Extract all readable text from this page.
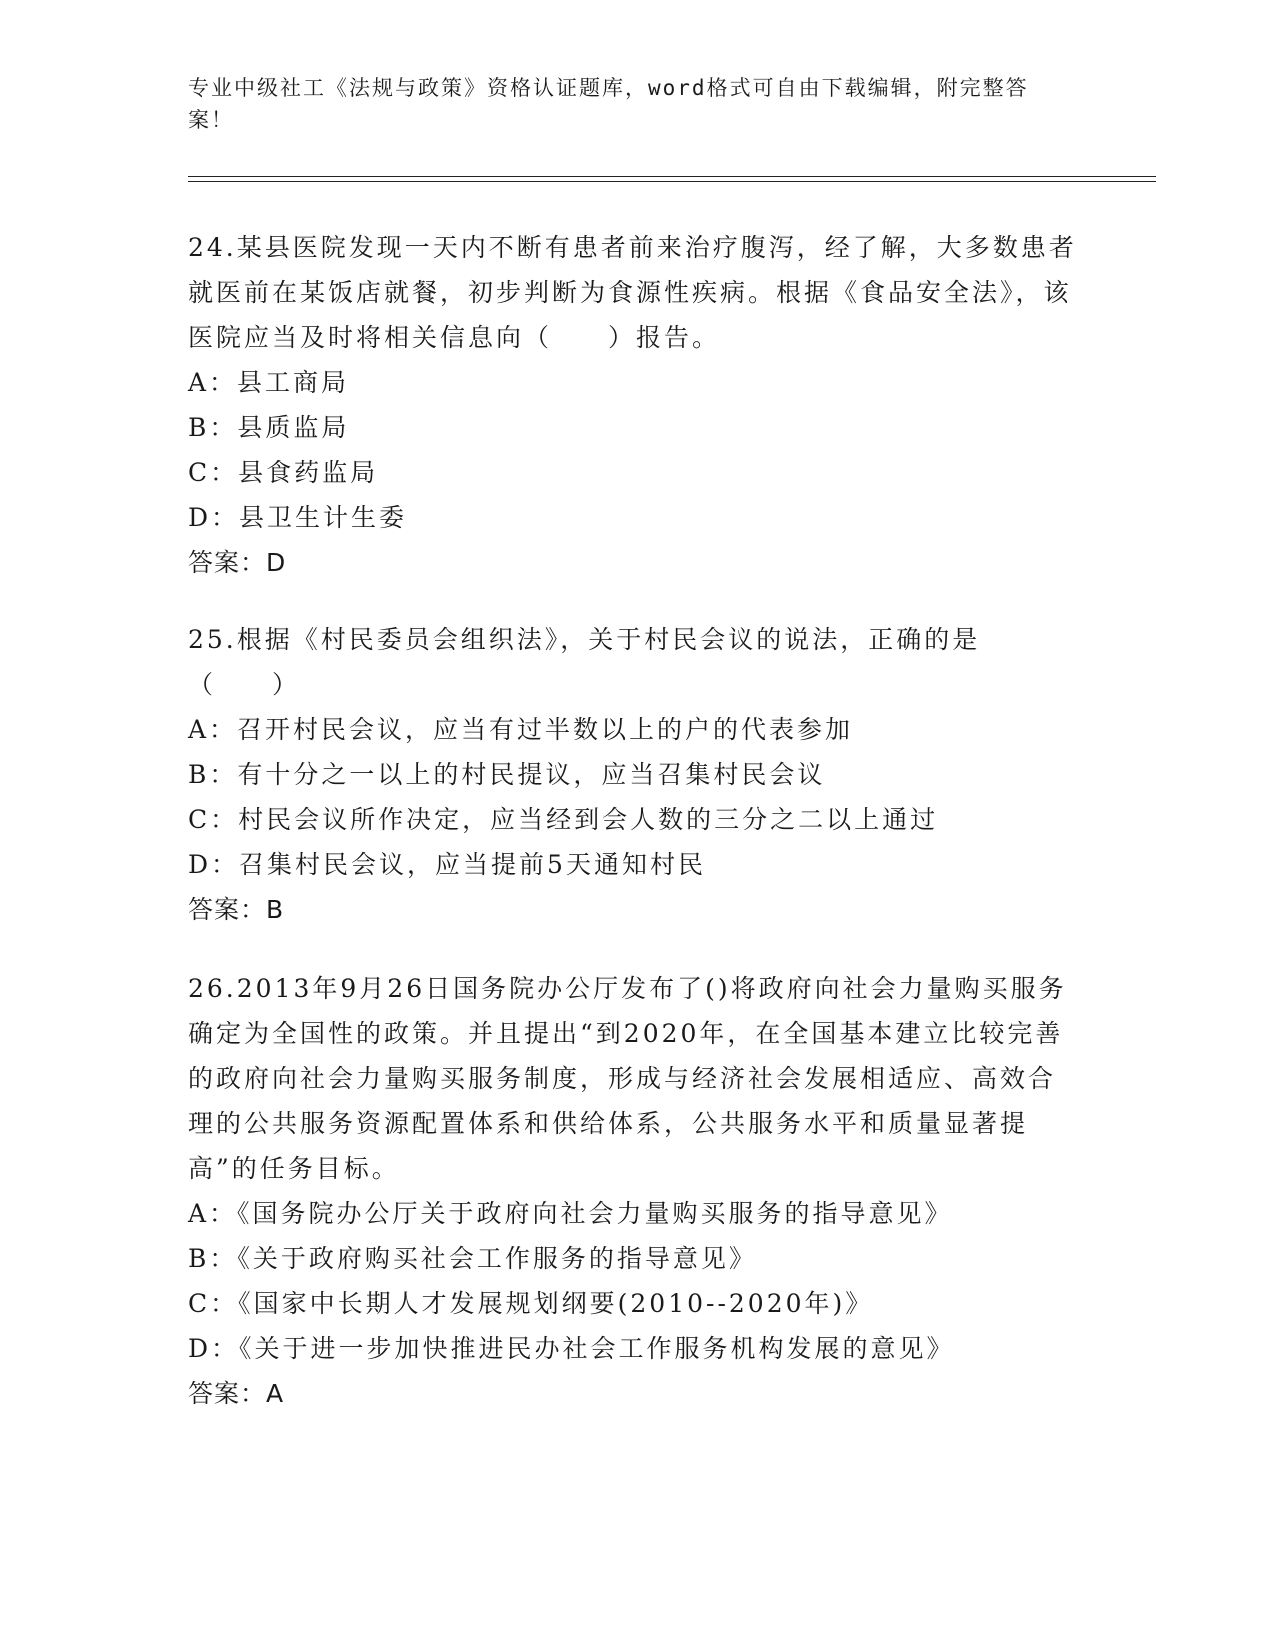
专业中级社工《法规与政策》资格认证题库，word格式可自由下载编辑，附完整答案！

24.某县医院发现一天内不断有患者前来治疗腹泻，经了解，大多数患者就医前在某饭店就餐，初步判断为食源性疾病。根据《食品安全法》，该医院应当及时将相关信息向（　　）报告。

A：县工商局
B：县质监局
C：县食药监局
D：县卫生计生委
答案：D

25.根据《村民委员会组织法》，关于村民会议的说法，正确的是（　　）

A：召开村民会议，应当有过半数以上的户的代表参加
B：有十分之一以上的村民提议，应当召集村民会议
C：村民会议所作决定，应当经到会人数的三分之二以上通过
D：召集村民会议，应当提前5天通知村民
答案：B

26.2013年9月26日国务院办公厅发布了()将政府向社会力量购买服务确定为全国性的政策。并且提出“到2020年，在全国基本建立比较完善的政府向社会力量购买服务制度，形成与经济社会发展相适应、高效合理的公共服务资源配置体系和供给体系，公共服务水平和质量显著提高”的任务目标。

A：《国务院办公厅关于政府向社会力量购买服务的指导意见》
B：《关于政府购买社会工作服务的指导意见》
C：《国家中长期人才发展规划纲要(2010--2020年)》
D：《关于进一步加快推进民办社会工作服务机构发展的意见》
答案：A
